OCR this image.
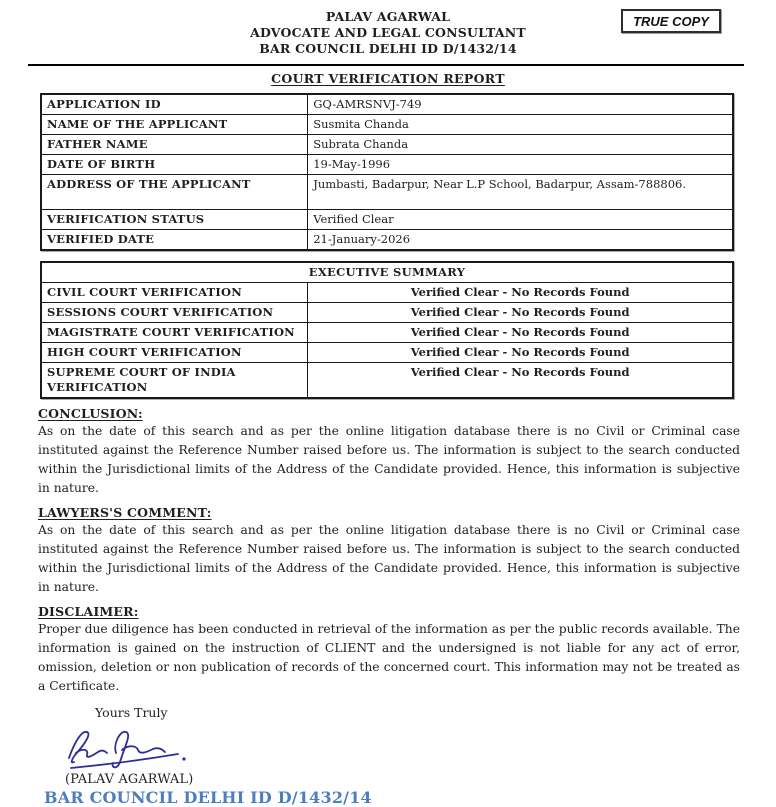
PALAV AGARWAL
ADVOCATE AND LEGAL CONSULTANT
BAR COUNCIL DELHI ID D/1432/14
TRUE COPY
COURT VERIFICATION REPORT
APPLICATION ID	GQ-AMRSNVJ-749
NAME OF THE APPLICANT	Susmita Chanda
FATHER NAME	Subrata Chanda
DATE OF BIRTH	19-May-1996
ADDRESS OF THE APPLICANT	Jumbasti, Badarpur, Near L.P School, Badarpur, Assam-788806.
VERIFICATION STATUS	Verified Clear
VERIFIED DATE	21-January-2026
EXECUTIVE SUMMARY	
CIVIL COURT VERIFICATION	Verified Clear - No Records Found
SESSIONS COURT VERIFICATION	Verified Clear - No Records Found
MAGISTRATE COURT VERIFICATION	Verified Clear - No Records Found
HIGH COURT VERIFICATION	Verified Clear - No Records Found
SUPREME COURT OF INDIA VERIFICATION	Verified Clear - No Records Found
CONCLUSION:
As on the date of this search and as per the online litigation database there is no Civil or Criminal case instituted against the Reference Number raised before us. The information is subject to the search conducted within the Jurisdictional limits of the Address of the Candidate provided. Hence, this information is subjective in nature.
LAWYERS'S COMMENT:
As on the date of this search and as per the online litigation database there is no Civil or Criminal case instituted against the Reference Number raised before us. The information is subject to the search conducted within the Jurisdictional limits of the Address of the Candidate provided. Hence, this information is subjective in nature.
DISCLAIMER:
Proper due diligence has been conducted in retrieval of the information as per the public records available. The information is gained on the instruction of CLIENT and the undersigned is not liable for any act of error, omission, deletion or non publication of records of the concerned court. This information may not be treated as a Certificate.
Yours Truly
(PALAV AGARWAL)
BAR COUNCIL DELHI ID D/1432/14
